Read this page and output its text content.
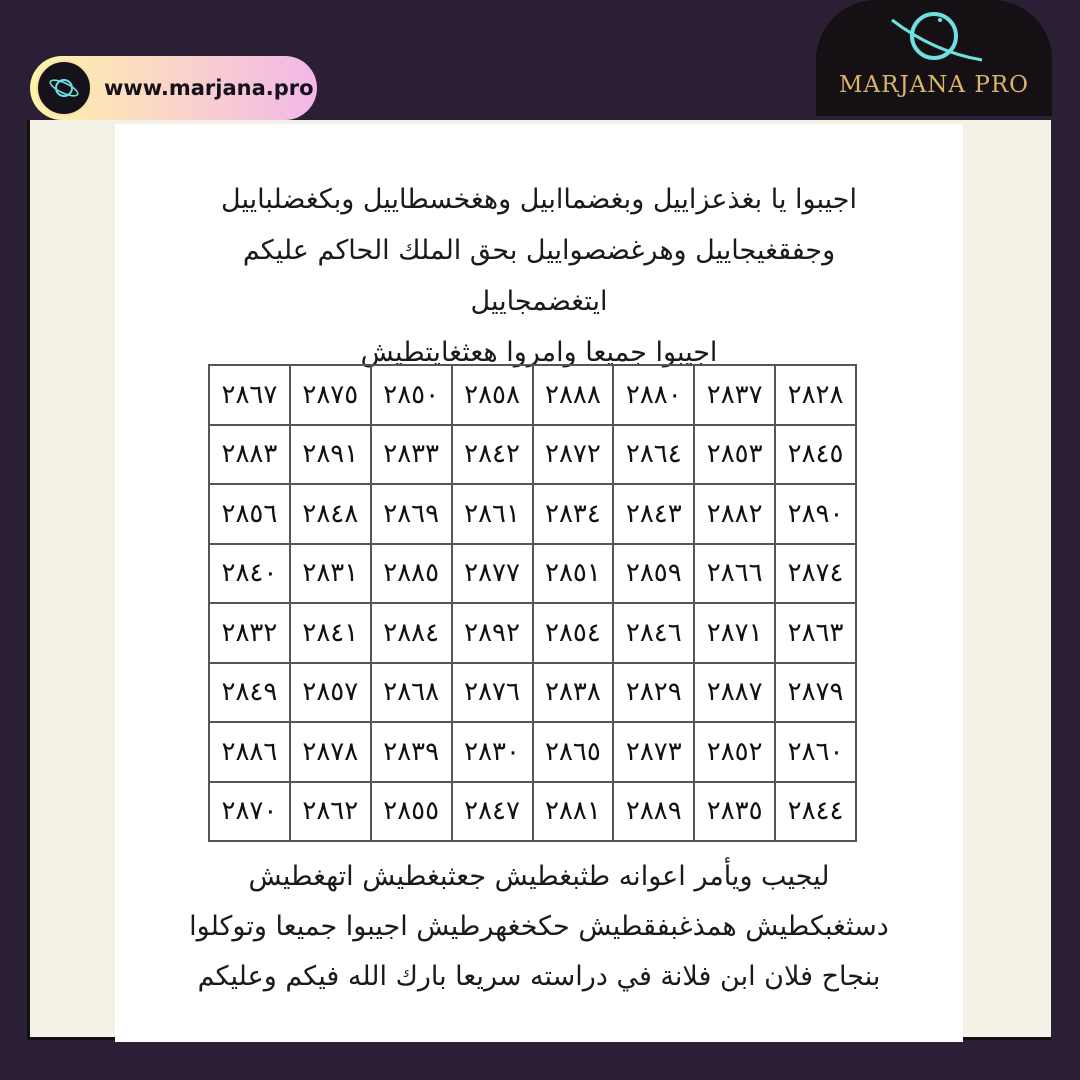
www.marjana.pro	MARJANA PRO
اجيبوا يا بغذعزاييل وبغضماابيل وهغخسطاييل وبكغضلباييل
وجفقغيجاييل وهرغضصواييل بحق الملك الحاكم عليكم
ايتغضمجاييل
اجيبوا جميعا وامروا هعثغايتطيش
٢٨٢٨	٢٨٣٧	٢٨٨٠	٢٨٨٨	٢٨٥٨	٢٨٥٠	٢٨٧٥	٢٨٦٧
٢٨٤٥	٢٨٥٣	٢٨٦٤	٢٨٧٢	٢٨٤٢	٢٨٣٣	٢٨٩١	٢٨٨٣
٢٨٩٠	٢٨٨٢	٢٨٤٣	٢٨٣٤	٢٨٦١	٢٨٦٩	٢٨٤٨	٢٨٥٦
٢٨٧٤	٢٨٦٦	٢٨٥٩	٢٨٥١	٢٨٧٧	٢٨٨٥	٢٨٣١	٢٨٤٠
٢٨٦٣	٢٨٧١	٢٨٤٦	٢٨٥٤	٢٨٩٢	٢٨٨٤	٢٨٤١	٢٨٣٢
٢٨٧٩	٢٨٨٧	٢٨٢٩	٢٨٣٨	٢٨٧٦	٢٨٦٨	٢٨٥٧	٢٨٤٩
٢٨٦٠	٢٨٥٢	٢٨٧٣	٢٨٦٥	٢٨٣٠	٢٨٣٩	٢٨٧٨	٢٨٨٦
٢٨٤٤	٢٨٣٥	٢٨٨٩	٢٨٨١	٢٨٤٧	٢٨٥٥	٢٨٦٢	٢٨٧٠
ليجيب ويأمر اعوانه طثبغطيش جعثبغطيش اتهغطيش
دسثغبكطيش همذغبفقطيش حكخغهرطيش اجيبوا جميعا وتوكلوا
بنجاح فلان ابن فلانة في دراسته سريعا بارك الله فيكم وعليكم
